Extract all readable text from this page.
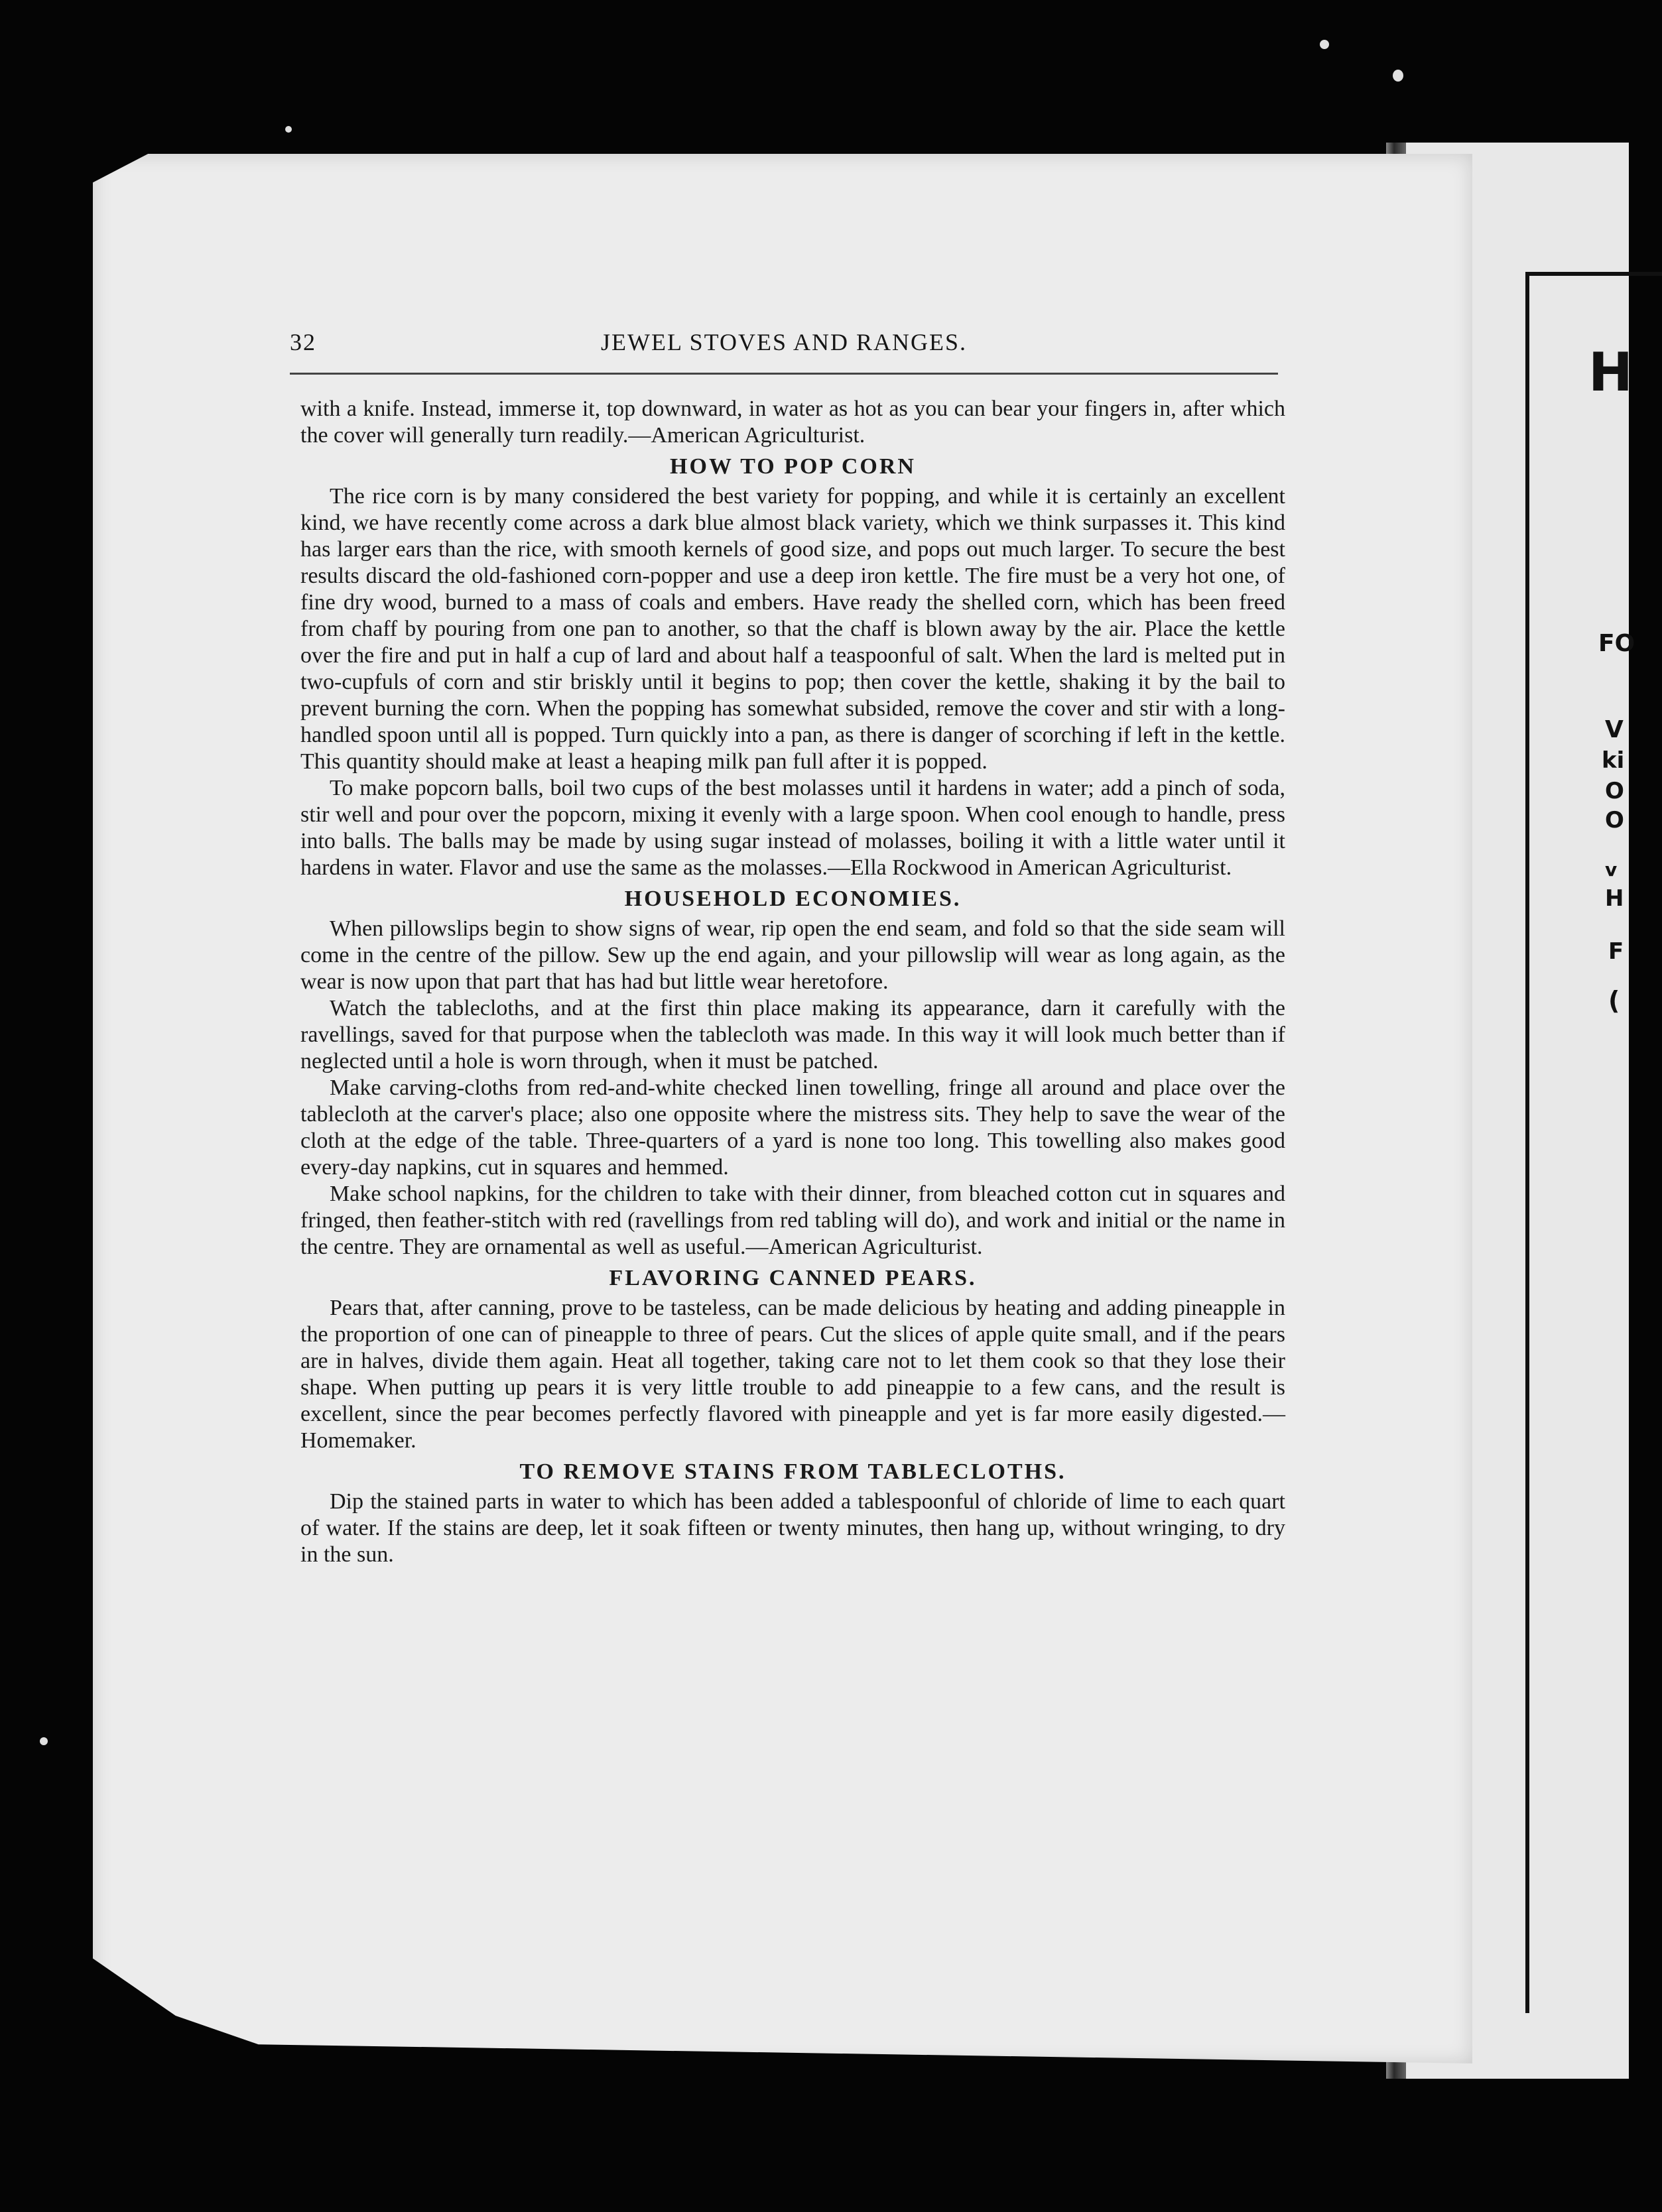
H
FO
V
ki
O
O
v
H
F
(
32	JEWEL STOVES AND RANGES.

with a knife. Instead, immerse it, top downward, in water as hot as you can bear your fingers in, after which the cover will generally turn readily.—American Agriculturist.

HOW TO POP CORN

The rice corn is by many considered the best variety for popping, and while it is certainly an excellent kind, we have recently come across a dark blue almost black variety, which we think surpasses it. This kind has larger ears than the rice, with smooth kernels of good size, and pops out much larger. To secure the best results discard the old-fashioned corn-popper and use a deep iron kettle. The fire must be a very hot one, of fine dry wood, burned to a mass of coals and embers. Have ready the shelled corn, which has been freed from chaff by pouring from one pan to another, so that the chaff is blown away by the air. Place the kettle over the fire and put in half a cup of lard and about half a teaspoonful of salt. When the lard is melted put in two-cupfuls of corn and stir briskly until it begins to pop; then cover the kettle, shaking it by the bail to prevent burning the corn. When the popping has somewhat subsided, remove the cover and stir with a long-handled spoon until all is popped. Turn quickly into a pan, as there is danger of scorching if left in the kettle. This quantity should make at least a heaping milk pan full after it is popped.

To make popcorn balls, boil two cups of the best molasses until it hardens in water; add a pinch of soda, stir well and pour over the popcorn, mixing it evenly with a large spoon. When cool enough to handle, press into balls. The balls may be made by using sugar instead of molasses, boiling it with a little water until it hardens in water. Flavor and use the same as the molasses.—Ella Rockwood in American Agriculturist.

HOUSEHOLD ECONOMIES.

When pillowslips begin to show signs of wear, rip open the end seam, and fold so that the side seam will come in the centre of the pillow. Sew up the end again, and your pillowslip will wear as long again, as the wear is now upon that part that has had but little wear heretofore.

Watch the tablecloths, and at the first thin place making its appearance, darn it carefully with the ravellings, saved for that purpose when the tablecloth was made. In this way it will look much better than if neglected until a hole is worn through, when it must be patched.

Make carving-cloths from red-and-white checked linen towelling, fringe all around and place over the tablecloth at the carver's place; also one opposite where the mistress sits. They help to save the wear of the cloth at the edge of the table. Three-quarters of a yard is none too long. This towelling also makes good every-day napkins, cut in squares and hemmed.

Make school napkins, for the children to take with their dinner, from bleached cotton cut in squares and fringed, then feather-stitch with red (ravellings from red tabling will do), and work and initial or the name in the centre. They are ornamental as well as useful.—American Agriculturist.

FLAVORING CANNED PEARS.

Pears that, after canning, prove to be tasteless, can be made delicious by heating and adding pineapple in the proportion of one can of pineapple to three of pears. Cut the slices of apple quite small, and if the pears are in halves, divide them again. Heat all together, taking care not to let them cook so that they lose their shape. When putting up pears it is very little trouble to add pineappie to a few cans, and the result is excellent, since the pear becomes perfectly flavored with pineapple and yet is far more easily digested.—Homemaker.

TO REMOVE STAINS FROM TABLECLOTHS.

Dip the stained parts in water to which has been added a tablespoonful of chloride of lime to each quart of water. If the stains are deep, let it soak fifteen or twenty minutes, then hang up, without wringing, to dry in the sun.
